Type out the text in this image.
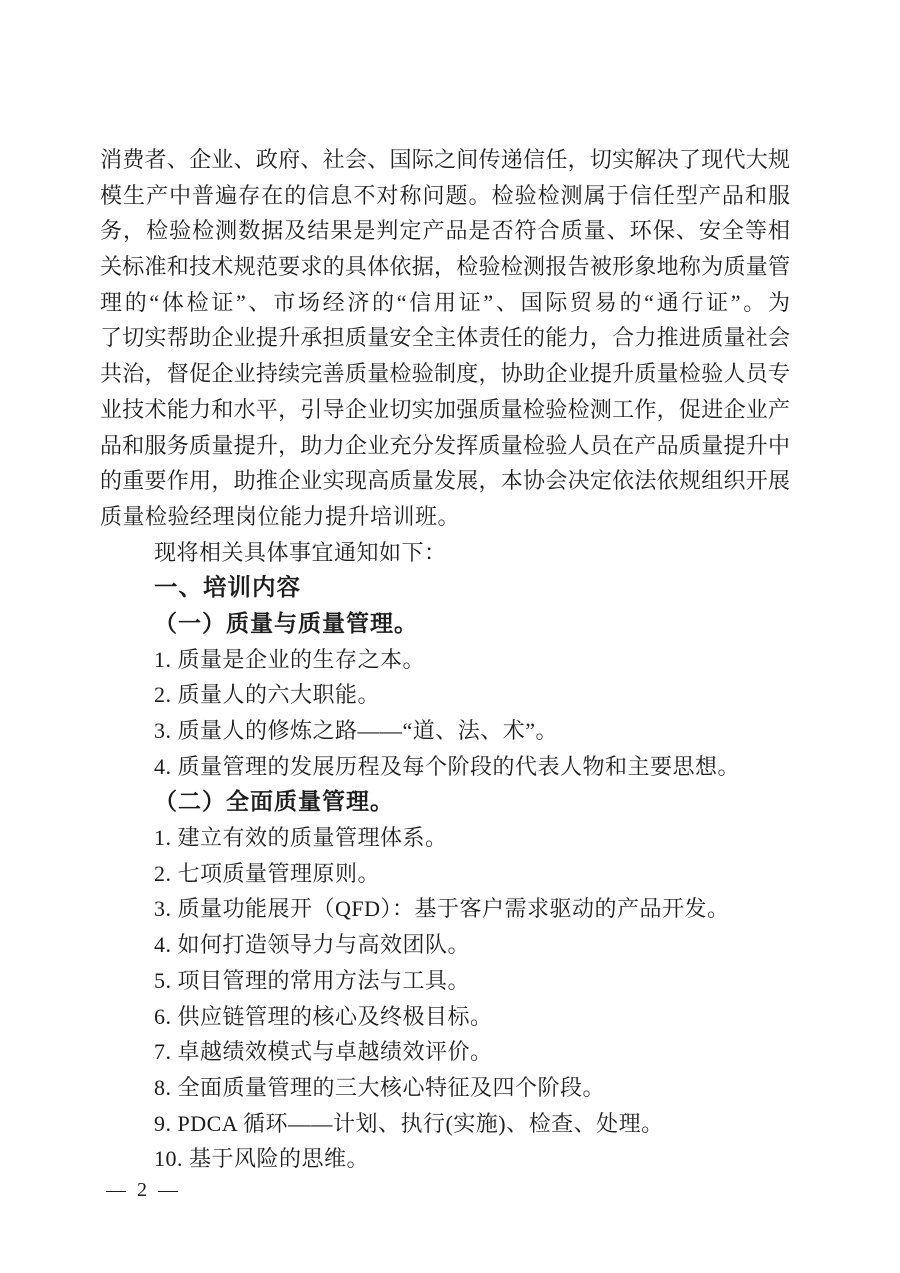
消费者、企业、政府、社会、国际之间传递信任，切实解决了现代大规
模生产中普遍存在的信息不对称问题。检验检测属于信任型产品和服
务，检验检测数据及结果是判定产品是否符合质量、环保、安全等相
关标准和技术规范要求的具体依据，检验检测报告被形象地称为质量管
理的“体检证”、市场经济的“信用证”、国际贸易的“通行证”。为
了切实帮助企业提升承担质量安全主体责任的能力，合力推进质量社会
共治，督促企业持续完善质量检验制度，协助企业提升质量检验人员专
业技术能力和水平，引导企业切实加强质量检验检测工作，促进企业产
品和服务质量提升，助力企业充分发挥质量检验人员在产品质量提升中
的重要作用，助推企业实现高质量发展，本协会决定依法依规组织开展
质量检验经理岗位能力提升培训班。
现将相关具体事宜通知如下：
一、培训内容
（一）质量与质量管理。
1. 质量是企业的生存之本。
2. 质量人的六大职能。
3. 质量人的修炼之路——“道、法、术”。
4. 质量管理的发展历程及每个阶段的代表人物和主要思想。
（二）全面质量管理。
1. 建立有效的质量管理体系。
2. 七项质量管理原则。
3. 质量功能展开（QFD）：基于客户需求驱动的产品开发。
4. 如何打造领导力与高效团队。
5. 项目管理的常用方法与工具。
6. 供应链管理的核心及终极目标。
7. 卓越绩效模式与卓越绩效评价。
8. 全面质量管理的三大核心特征及四个阶段。
9. PDCA 循环——计划、执行(实施)、检查、处理。
10. 基于风险的思维。
— 2 —
